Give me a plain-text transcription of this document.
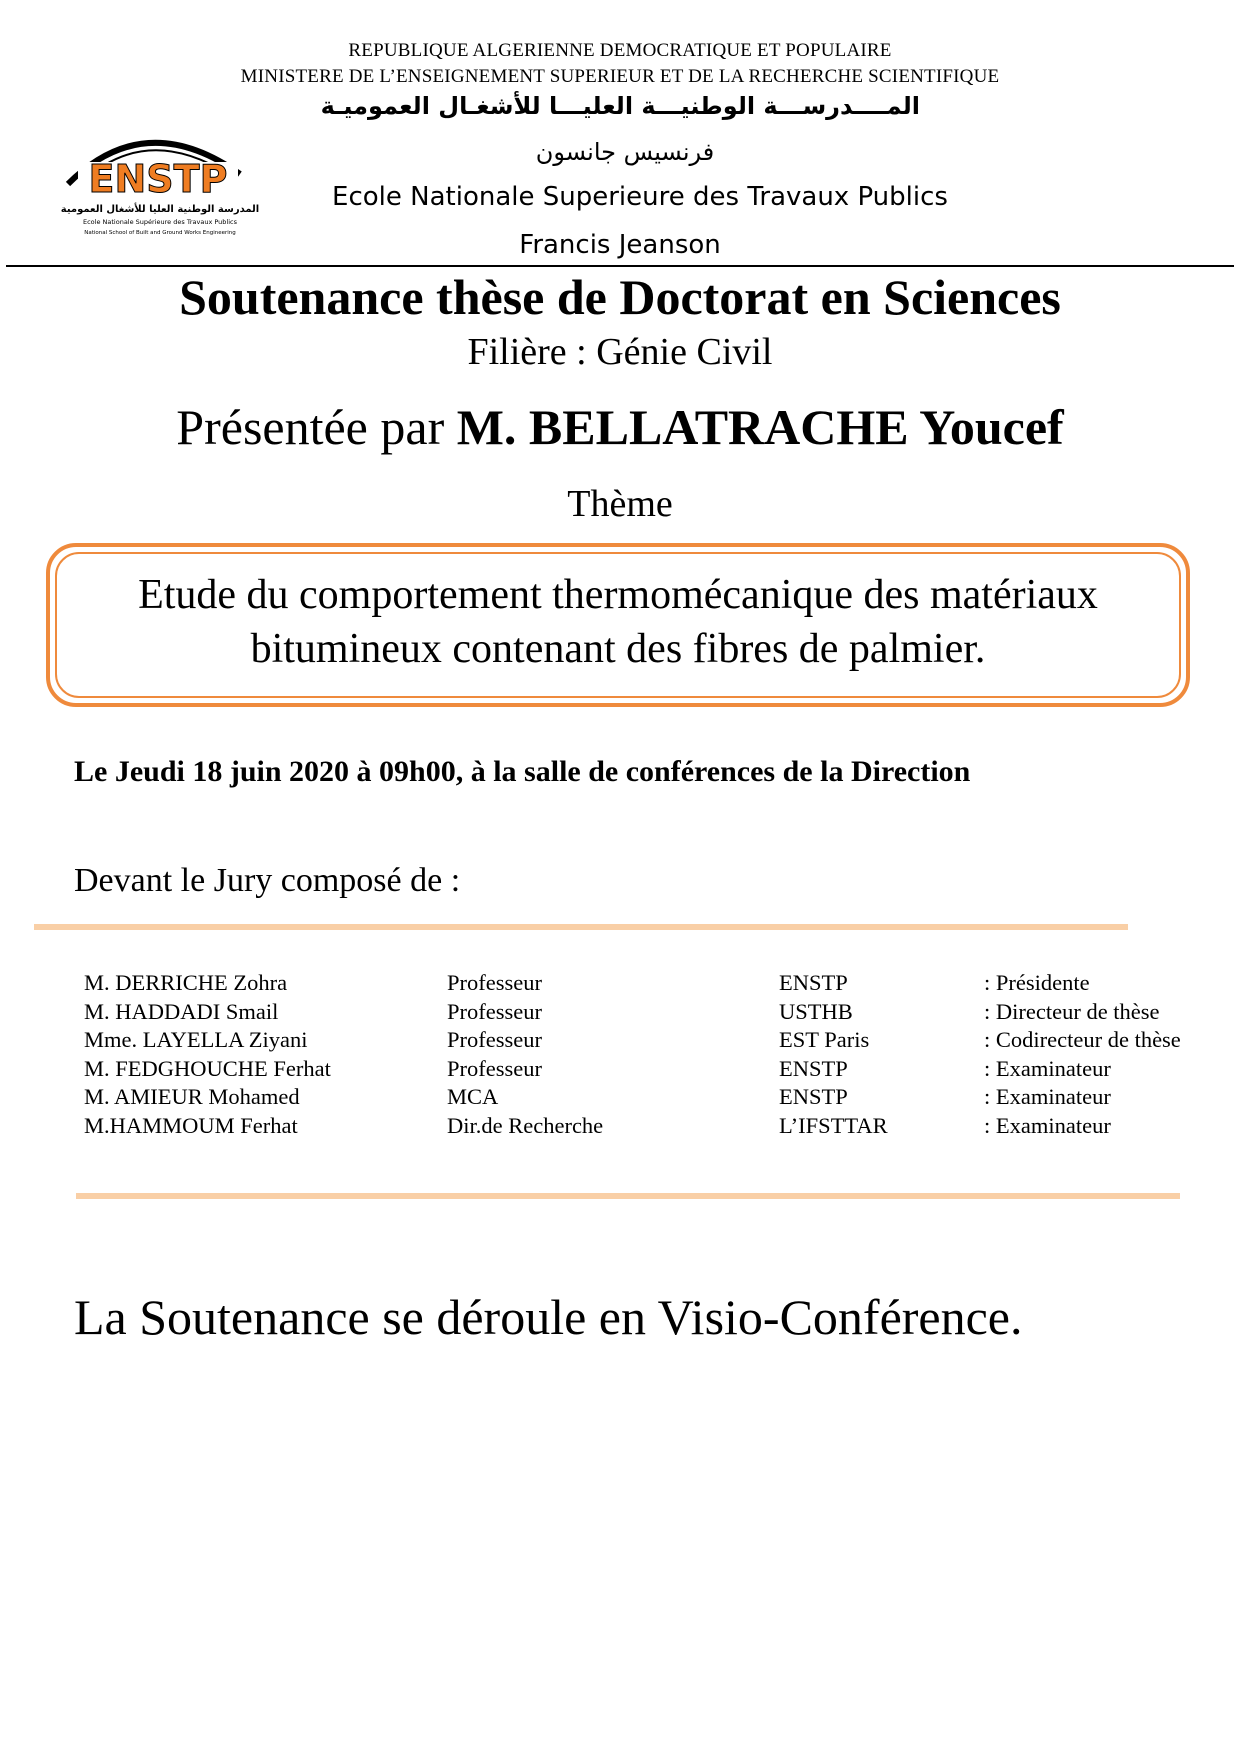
REPUBLIQUE ALGERIENNE DEMOCRATIQUE ET POPULAIRE
MINISTERE DE L’ENSEIGNEMENT SUPERIEUR ET DE LA RECHERCHE SCIENTIFIQUE
المــــدرســـة الوطنيـــة العليـــا للأشغـال العموميـة
فرنسيس جانسون
Ecole Nationale Superieure des Travaux Publics
Francis Jeanson
ENSTP
المدرسة الوطنية العليا للأشغال العمومية
Ecole Nationale Supérieure des Travaux Publics
National School of Built and Ground Works Engineering
Soutenance thèse de Doctorat en Sciences
Filière : Génie Civil
Présentée par M. BELLATRACHE Youcef
Thème
Etude du comportement thermomécanique des matériaux
bitumineux contenant des fibres de palmier.
Le Jeudi 18 juin 2020 à 09h00, à la salle de conférences de la Direction
Devant le Jury composé de :
M. DERRICHE Zohra	Professeur	ENSTP	: Présidente
M. HADDADI Smail	Professeur	USTHB	: Directeur de thèse
Mme. LAYELLA Ziyani	Professeur	EST Paris	: Codirecteur de thèse
M. FEDGHOUCHE Ferhat	Professeur	ENSTP	: Examinateur
M. AMIEUR Mohamed	MCA	ENSTP	: Examinateur
M.HAMMOUM Ferhat	Dir.de Recherche	L’IFSTTAR	: Examinateur
La Soutenance se déroule en Visio-Conférence.
